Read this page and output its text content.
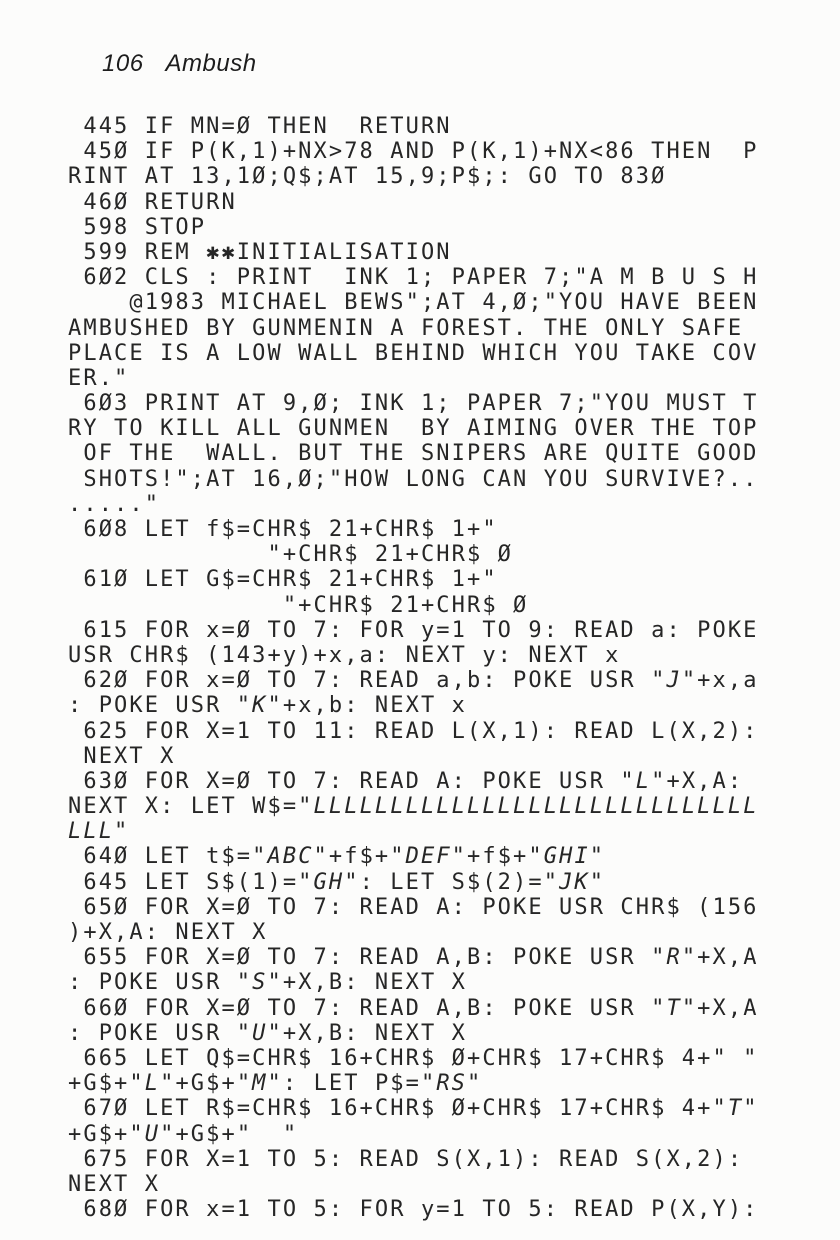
106 Ambush
445 IF MN=Ø THEN  RETURN
45Ø IF P(K,1)+NX>78 AND P(K,1)+NX<86 THEN  P
RINT AT 13,1Ø;Q$;AT 15,9;P$;: GO TO 83Ø
46Ø RETURN
598 STOP
599 REM ✱✱INITIALISATION
6Ø2 CLS : PRINT  INK 1; PAPER 7;"A M B U S H
@1983 MICHAEL BEWS";AT 4,Ø;"YOU HAVE BEEN
AMBUSHED BY GUNMENIN A FOREST. THE ONLY SAFE
PLACE IS A LOW WALL BEHIND WHICH YOU TAKE COV
ER."
6Ø3 PRINT AT 9,Ø; INK 1; PAPER 7;"YOU MUST T
RY TO KILL ALL GUNMEN  BY AIMING OVER THE TOP
OF THE  WALL. BUT THE SNIPERS ARE QUITE GOOD
SHOTS!";AT 16,Ø;"HOW LONG CAN YOU SURVIVE?..
....."
6Ø8 LET f$=CHR$ 21+CHR$ 1+"
"+CHR$ 21+CHR$ Ø
61Ø LET G$=CHR$ 21+CHR$ 1+"
"+CHR$ 21+CHR$ Ø
615 FOR x=Ø TO 7: FOR y=1 TO 9: READ a: POKE
USR CHR$ (143+y)+x,a: NEXT y: NEXT x
62Ø FOR x=Ø TO 7: READ a,b: POKE USR "J"+x,a
: POKE USR "K"+x,b: NEXT x
625 FOR X=1 TO 11: READ L(X,1): READ L(X,2):
NEXT X
63Ø FOR X=Ø TO 7: READ A: POKE USR "L"+X,A:
NEXT X: LET W$="LLLLLLLLLLLLLLLLLLLLLLLLLLLLL
LLL"
64Ø LET t$="ABC"+f$+"DEF"+f$+"GHI"
645 LET S$(1)="GH": LET S$(2)="JK"
65Ø FOR X=Ø TO 7: READ A: POKE USR CHR$ (156
)+X,A: NEXT X
655 FOR X=Ø TO 7: READ A,B: POKE USR "R"+X,A
: POKE USR "S"+X,B: NEXT X
66Ø FOR X=Ø TO 7: READ A,B: POKE USR "T"+X,A
: POKE USR "U"+X,B: NEXT X
665 LET Q$=CHR$ 16+CHR$ Ø+CHR$ 17+CHR$ 4+" "
+G$+"L"+G$+"M": LET P$="RS"
67Ø LET R$=CHR$ 16+CHR$ Ø+CHR$ 17+CHR$ 4+"T"
+G$+"U"+G$+"  "
675 FOR X=1 TO 5: READ S(X,1): READ S(X,2):
NEXT X
68Ø FOR x=1 TO 5: FOR y=1 TO 5: READ P(X,Y):
